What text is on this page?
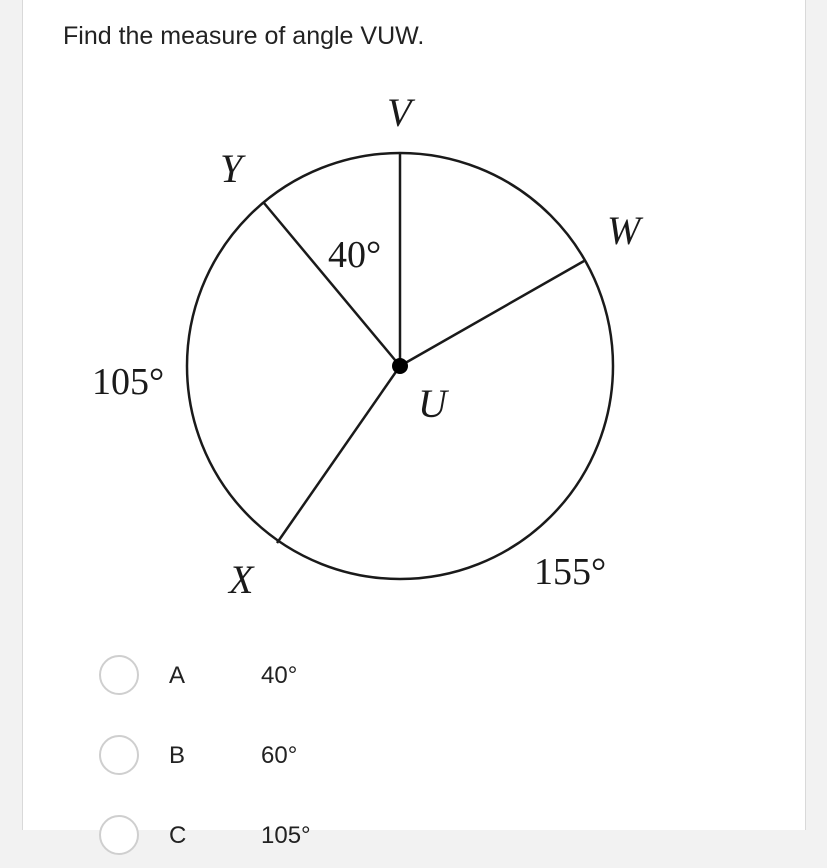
Find the measure of angle VUW.
V
W
Y
X
U
40°
105°
155°
A	40°
B	60°
C	105°
